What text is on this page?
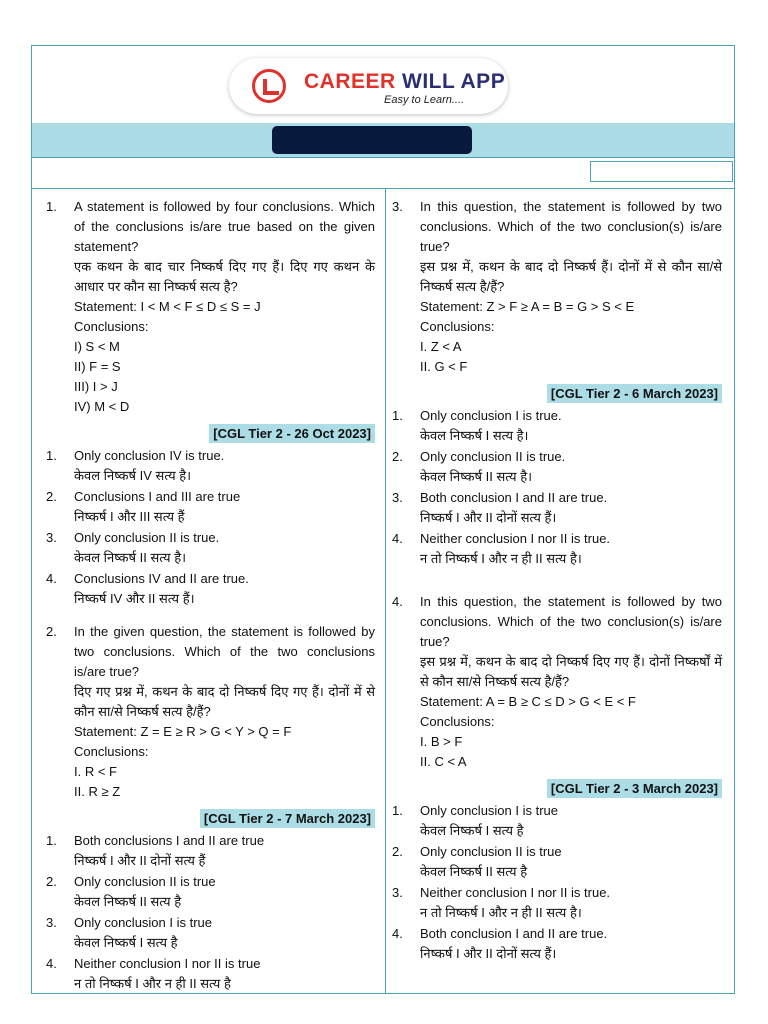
CAREER WILL APP
Easy to Learn....
1.	A statement is followed by four conclusions. Which of the conclusions is/are true based on the given statement?
एक कथन के बाद चार निष्कर्ष दिए गए हैं। दिए गए कथन के आधार पर कौन सा निष्कर्ष सत्य है?
Statement: I < M < F ≤ D ≤ S = J
Conclusions:
I) S < M
II) F = S
III) I > J
IV) M < D
[CGL Tier 2 - 26 Oct 2023]
1.	Only conclusion IV is true.
केवल निष्कर्ष IV सत्य है।
2.	Conclusions I and III are true
निष्कर्ष I और III सत्य हैं
3.	Only conclusion II is true.
केवल निष्कर्ष II सत्य है।
4.	Conclusions IV and II are true.
निष्कर्ष IV और II सत्य हैं।
2.	In the given question, the statement is followed by two conclusions. Which of the two conclusions is/are true?
दिए गए प्रश्न में, कथन के बाद दो निष्कर्ष दिए गए हैं। दोनों में से कौन सा/से निष्कर्ष सत्य है/हैं?
Statement: Z = E ≥ R > G < Y > Q = F
Conclusions:
I. R < F
II. R ≥ Z
[CGL Tier 2 - 7 March 2023]
1.	Both conclusions I and II are true
निष्कर्ष I और II दोनों सत्य हैं
2.	Only conclusion II is true
केवल निष्कर्ष II सत्य है
3.	Only conclusion I is true
केवल निष्कर्ष I सत्य है
4.	Neither conclusion I nor II is true
न तो निष्कर्ष I और न ही II सत्य है
3.	In this question, the statement is followed by two conclusions. Which of the two conclusion(s) is/are true?
इस प्रश्न में, कथन के बाद दो निष्कर्ष हैं। दोनों में से कौन सा/से निष्कर्ष सत्य है/हैं?
Statement: Z > F ≥ A = B = G > S < E
Conclusions:
I. Z < A
II. G < F
[CGL Tier 2 - 6 March 2023]
1.	Only conclusion I is true.
केवल निष्कर्ष I सत्य है।
2.	Only conclusion II is true.
केवल निष्कर्ष II सत्य है।
3.	Both conclusion I and II are true.
निष्कर्ष I और II दोनों सत्य हैं।
4.	Neither conclusion I nor II is true.
न तो निष्कर्ष I और न ही II सत्य है।
4.	In this question, the statement is followed by two conclusions. Which of the two conclusion(s) is/are true?
इस प्रश्न में, कथन के बाद दो निष्कर्ष दिए गए हैं। दोनों निष्कर्षों में से कौन सा/से निष्कर्ष सत्य है/हैं?
Statement: A = B ≥ C ≤ D > G < E < F
Conclusions:
I. B > F
II. C < A
[CGL Tier 2 - 3 March 2023]
1.	Only conclusion I is true
केवल निष्कर्ष I सत्य है
2.	Only conclusion II is true
केवल निष्कर्ष II सत्य है
3.	Neither conclusion I nor II is true.
न तो निष्कर्ष I और न ही II सत्य है।
4.	Both conclusion I and II are true.
निष्कर्ष I और II दोनों सत्य हैं।
